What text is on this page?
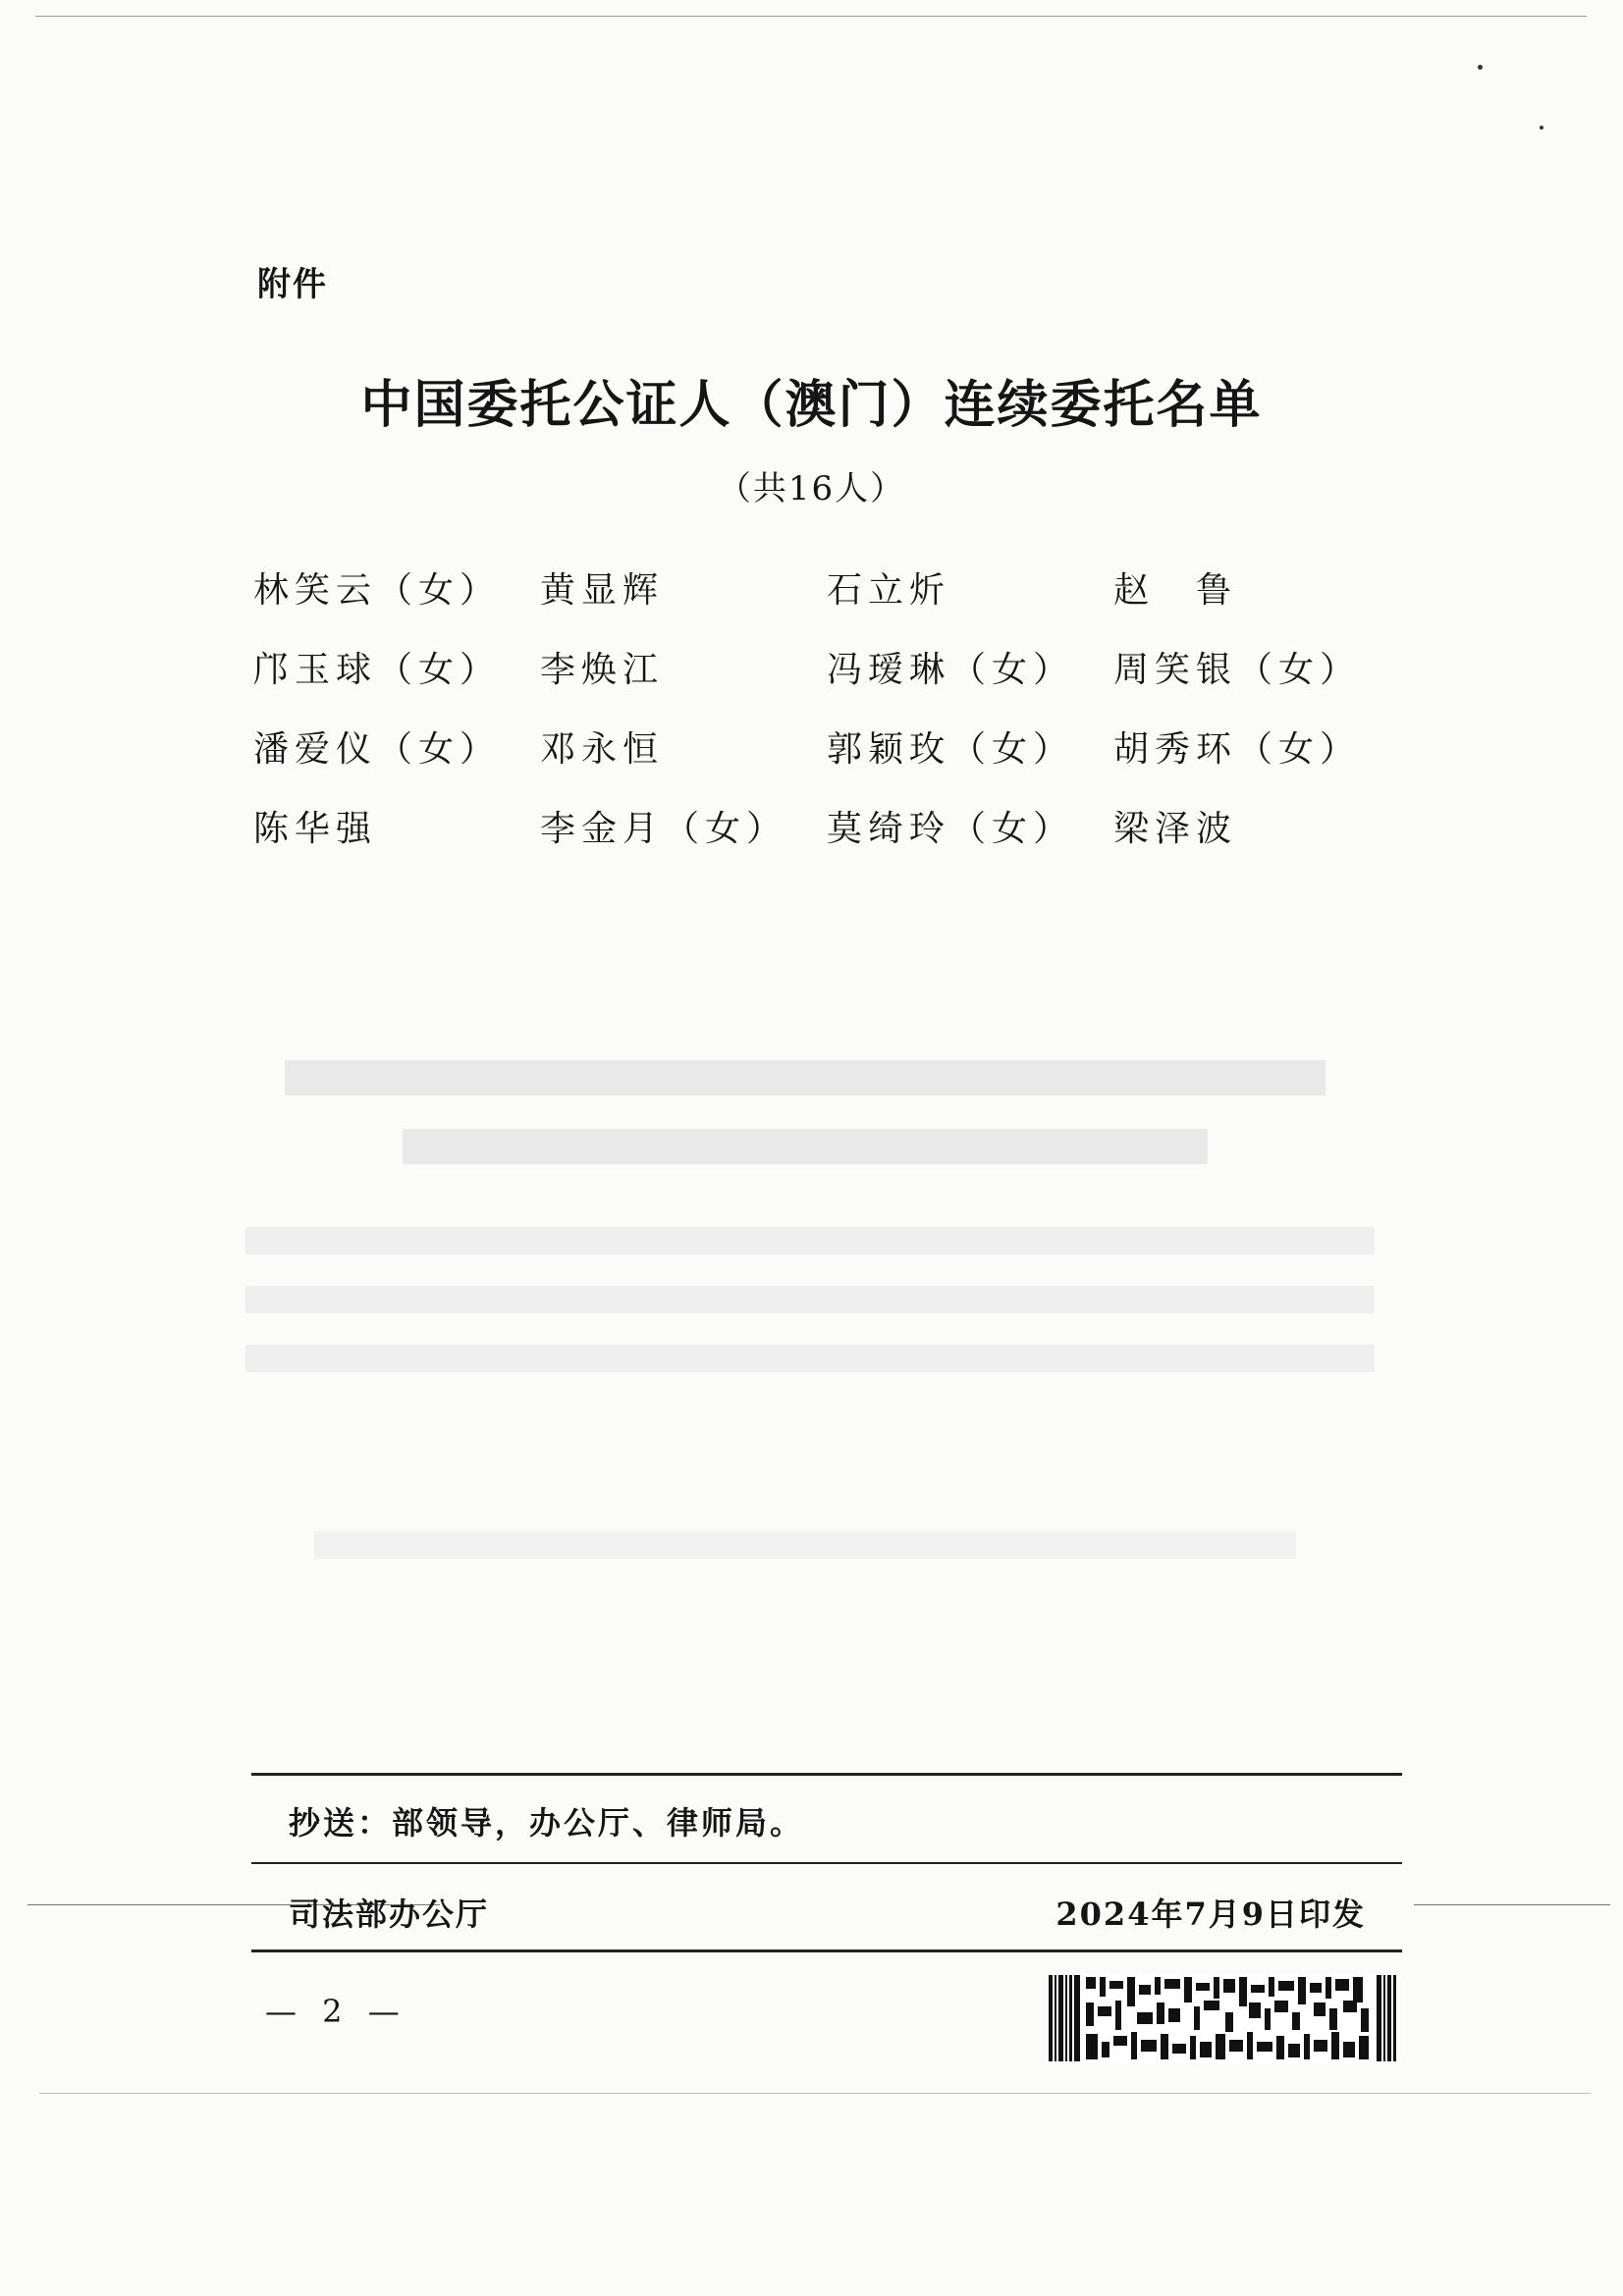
附件
中国委托公证人（澳门）连续委托名单
（共16人）
林笑云（女）	黄显辉	石立炘	赵　鲁
邝玉球（女）	李焕江	冯瑷琳（女）	周笑银（女）
潘爱仪（女）	邓永恒	郭颖玫（女）	胡秀环（女）
陈华强	李金月（女）	莫绮玲（女）	梁泽波
抄送：部领导，办公厅、律师局。
司法部办公厅	2024年7月9日印发
— 2 —
